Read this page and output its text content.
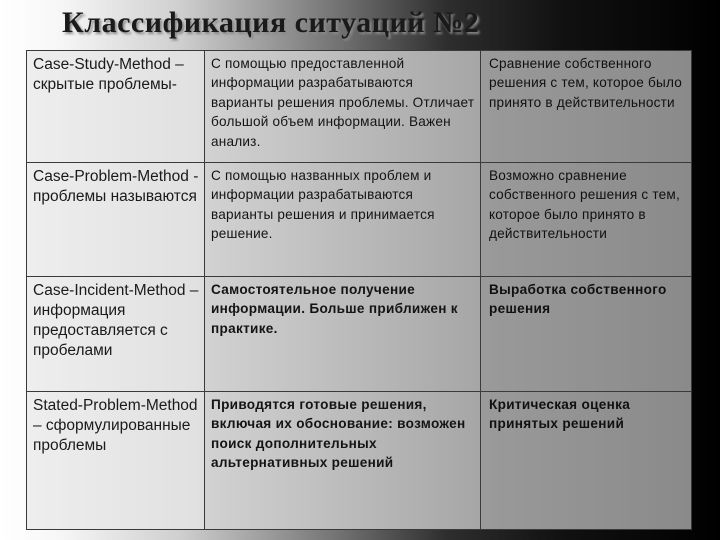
Классификация ситуаций №2
Case-Study-Method – скрытые проблемы-
С помощью предоставленной информации разрабатываются варианты решения проблемы. Отличает большой объем информации. Важен анализ.
Сравнение собственного решения с тем, которое было принято в действительности
Case-Problem-Method - проблемы называются
С помощью названных проблем и информации разрабатываются варианты решения и принимается решение.
Возможно сравнение собственного решения с тем, которое было принято в действительности
Case-Incident-Method – информация предоставляется с пробелами
Самостоятельное получение информации. Больше приближен к практике.
Выработка собственного решения
Stated-Problem-Method – сформулированные проблемы
Приводятся готовые решения, включая их обоснование: возможен поиск дополнительных альтернативных решений
Критическая оценка принятых решений
